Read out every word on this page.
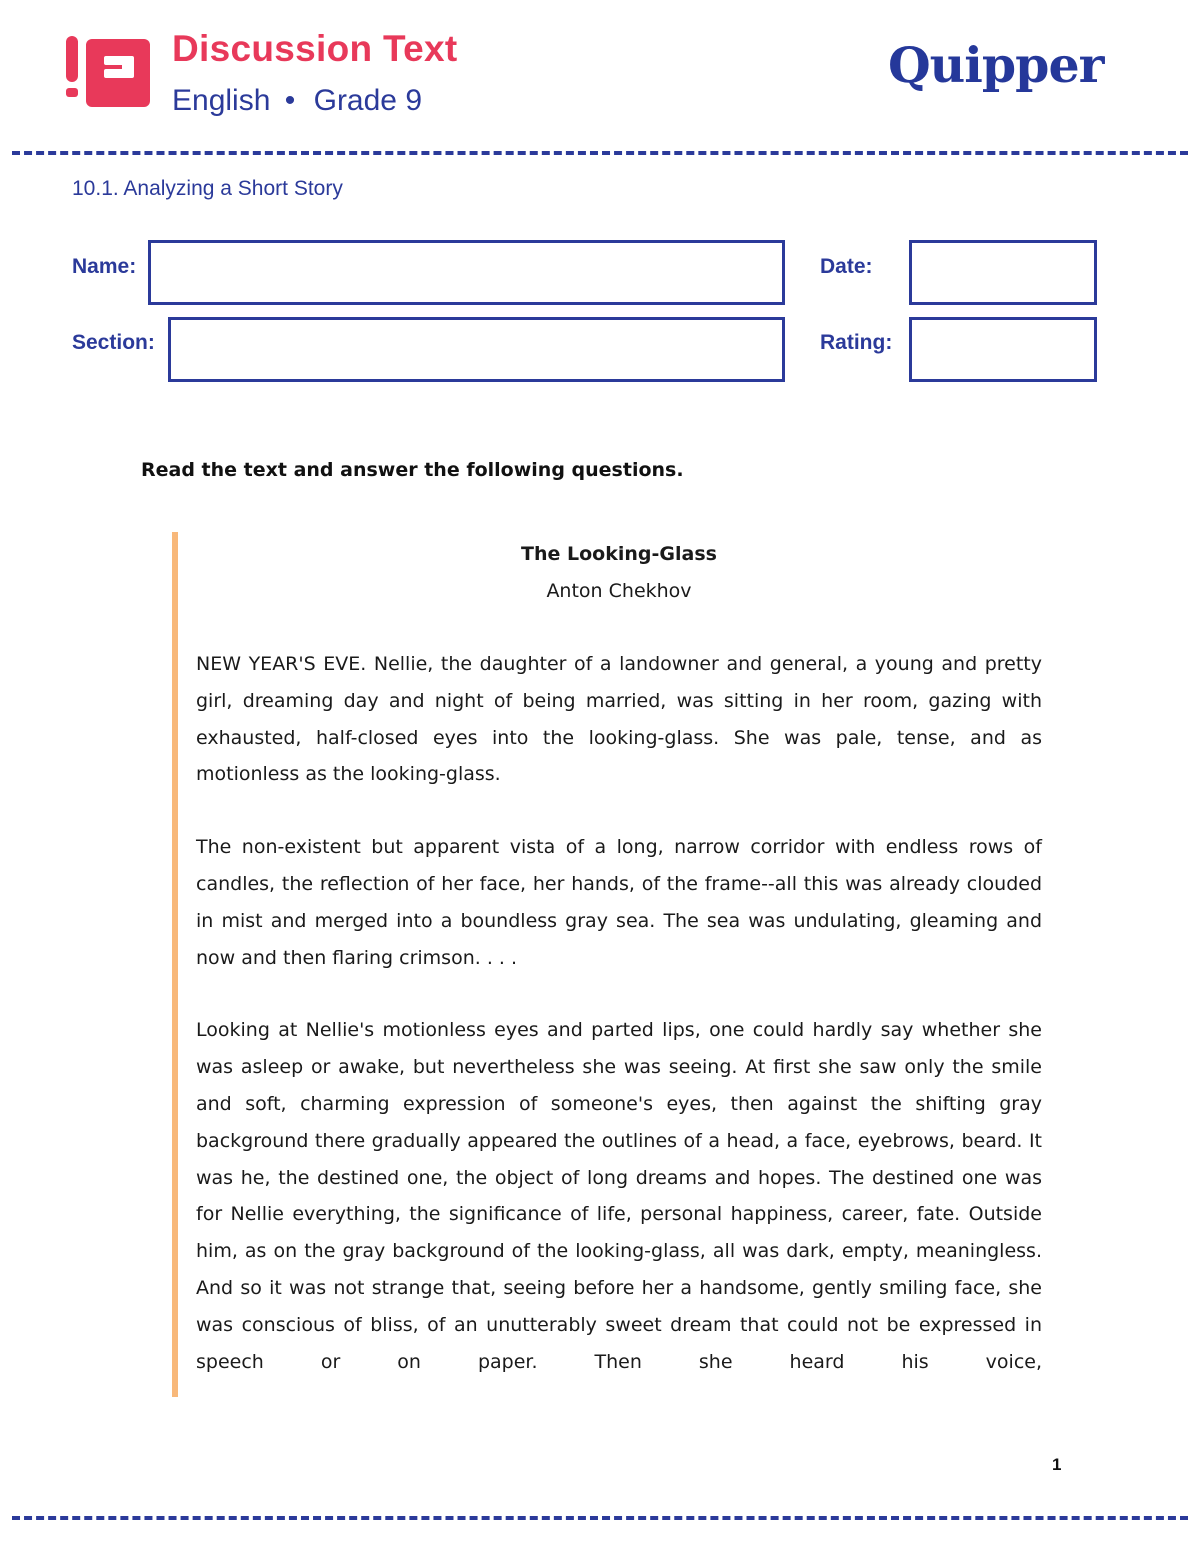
Discussion Text
English • Grade 9
Quipper
10.1. Analyzing a Short Story
Name:	Date:
Section:	Rating:
Read the text and answer the following questions.
The Looking-Glass
Anton Chekhov

NEW YEAR'S EVE. Nellie, the daughter of a landowner and general, a young and pretty girl, dreaming day and night of being married, was sitting in her room, gazing with exhausted, half-closed eyes into the looking-glass. She was pale, tense, and as motionless as the looking-glass.

The non-existent but apparent vista of a long, narrow corridor with endless rows of candles, the reflection of her face, her hands, of the frame--all this was already clouded in mist and merged into a boundless gray sea. The sea was undulating, gleaming and now and then flaring crimson. . . .

Looking at Nellie's motionless eyes and parted lips, one could hardly say whether she was asleep or awake, but nevertheless she was seeing. At first she saw only the smile and soft, charming expression of someone's eyes, then against the shifting gray background there gradually appeared the outlines of a head, a face, eyebrows, beard. It was he, the destined one, the object of long dreams and hopes. The destined one was for Nellie everything, the significance of life, personal happiness, career, fate. Outside him, as on the gray background of the looking-glass, all was dark, empty, meaningless. And so it was not strange that, seeing before her a handsome, gently smiling face, she was conscious of bliss, of an unutterably sweet dream that could not be expressed in speech or on paper. Then she heard his voice,

1
